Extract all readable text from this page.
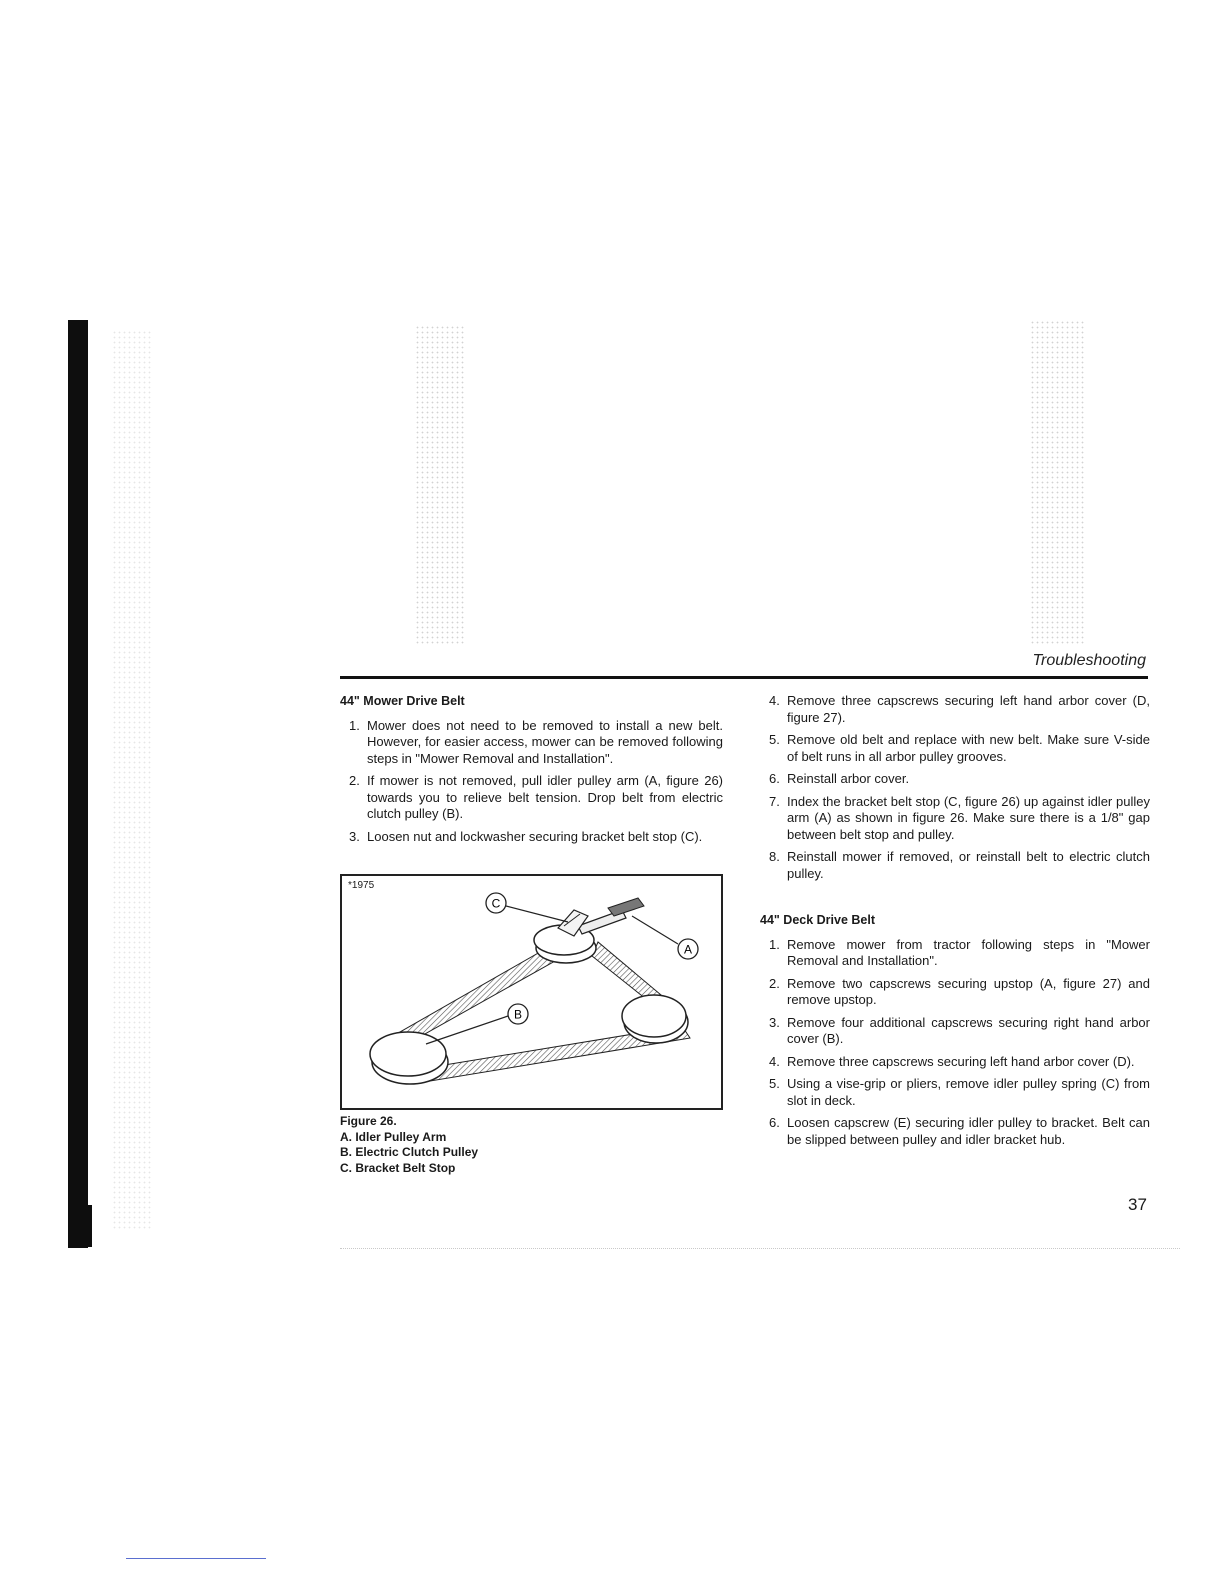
Troubleshooting
44" Mower Drive Belt
1. Mower does not need to be removed to install a new belt. However, for easier access, mower can be removed following steps in "Mower Removal and Installation".
2. If mower is not removed, pull idler pulley arm (A, figure 26) towards you to relieve belt tension. Drop belt from electric clutch pulley (B).
3. Loosen nut and lockwasher securing bracket belt stop (C).
*1975
C
A
B
Figure 26.
A. Idler Pulley Arm
B. Electric Clutch Pulley
C. Bracket Belt Stop
4. Remove three capscrews securing left hand arbor cover (D, figure 27).
5. Remove old belt and replace with new belt. Make sure V-side of belt runs in all arbor pulley grooves.
6. Reinstall arbor cover.
7. Index the bracket belt stop (C, figure 26) up against idler pulley arm (A) as shown in figure 26. Make sure there is a 1/8" gap between belt stop and pulley.
8. Reinstall mower if removed, or reinstall belt to electric clutch pulley.
44" Deck Drive Belt
1. Remove mower from tractor following steps in "Mower Removal and Installation".
2. Remove two capscrews securing upstop (A, figure 27) and remove upstop.
3. Remove four additional capscrews securing right hand arbor cover (B).
4. Remove three capscrews securing left hand arbor cover (D).
5. Using a vise-grip or pliers, remove idler pulley spring (C) from slot in deck.
6. Loosen capscrew (E) securing idler pulley to bracket. Belt can be slipped between pulley and idler bracket hub.
37
